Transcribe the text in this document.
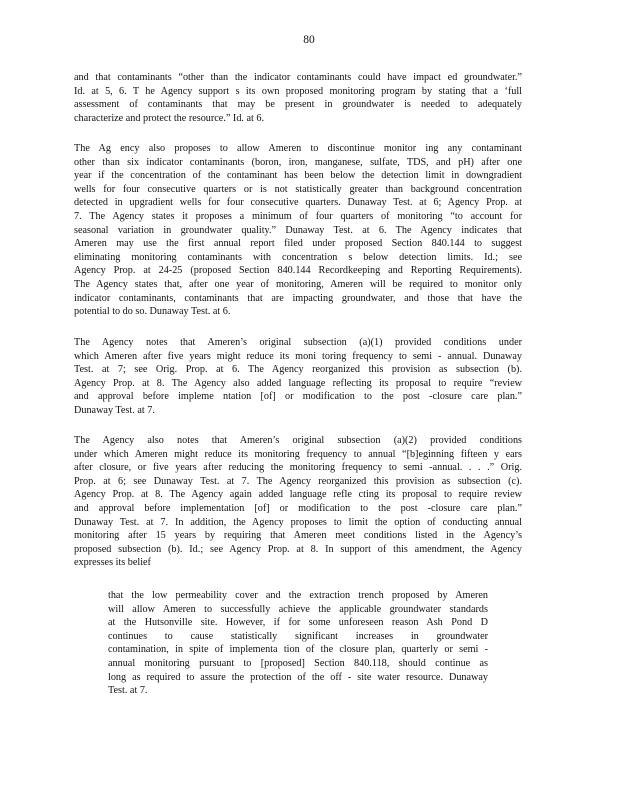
80
and that contaminants “other than the indicator contaminants could have impact ed groundwater.”
Id. at 5, 6. T he Agency support s its own proposed monitoring program by stating that a ‘full
assessment of contaminants that may be present in groundwater is needed to adequately
characterize and protect the resource.” Id. at 6.
The Ag ency also proposes to allow Ameren to discontinue monitor ing any contaminant
other than six indicator contaminants (boron, iron, manganese, sulfate, TDS, and pH) after one
year if the concentration of the contaminant has been below the detection limit in downgradient
wells for four consecutive quarters or is not statistically greater than background concentration
detected in upgradient wells for four consecutive quarters. Dunaway Test. at 6; Agency Prop. at
7. The Agency states it proposes a minimum of four quarters of monitoring “to account for
seasonal variation in groundwater quality.” Dunaway Test. at 6. The Agency indicates that
Ameren may use the first annual report filed under proposed Section 840.144 to suggest
eliminating monitoring contaminants with concentration s below detection limits. Id.; see
Agency Prop. at 24-25 (proposed Section 840.144 Recordkeeping and Reporting Requirements).
The Agency states that, after one year of monitoring, Ameren will be required to monitor only
indicator contaminants, contaminants that are impacting groundwater, and those that have the
potential to do so. Dunaway Test. at 6.
The Agency notes that Ameren’s original subsection (a)(1) provided conditions under
which Ameren after five years might reduce its moni toring frequency to semi - annual. Dunaway
Test. at 7; see Orig. Prop. at 6. The Agency reorganized this provision as subsection (b).
Agency Prop. at 8. The Agency also added language reflecting its proposal to require “review
and approval before impleme ntation [of] or modification to the post -closure care plan.”
Dunaway Test. at 7.
The Agency also notes that Ameren’s original subsection (a)(2) provided conditions
under which Ameren might reduce its monitoring frequency to annual “[b]eginning fifteen y ears
after closure, or five years after reducing the monitoring frequency to semi -annual. . . .” Orig.
Prop. at 6; see Dunaway Test. at 7. The Agency reorganized this provision as subsection (c).
Agency Prop. at 8. The Agency again added language refle cting its proposal to require review
and approval before implementation [of] or modification to the post -closure care plan.”
Dunaway Test. at 7. In addition, the Agency proposes to limit the option of conducting annual
monitoring after 15 years by requiring that Ameren meet conditions listed in the Agency’s
proposed subsection (b). Id.; see Agency Prop. at 8. In support of this amendment, the Agency
expresses its belief
that the low permeability cover and the extraction trench proposed by Ameren
will allow Ameren to successfully achieve the applicable groundwater standards
at the Hutsonville site. However, if for some unforeseen reason Ash Pond D
continues to cause statistically significant increases in groundwater
contamination, in spite of implementa tion of the closure plan, quarterly or semi -
annual monitoring pursuant to [proposed] Section 840.118, should continue as
long as required to assure the protection of the off - site water resource. Dunaway
Test. at 7.
